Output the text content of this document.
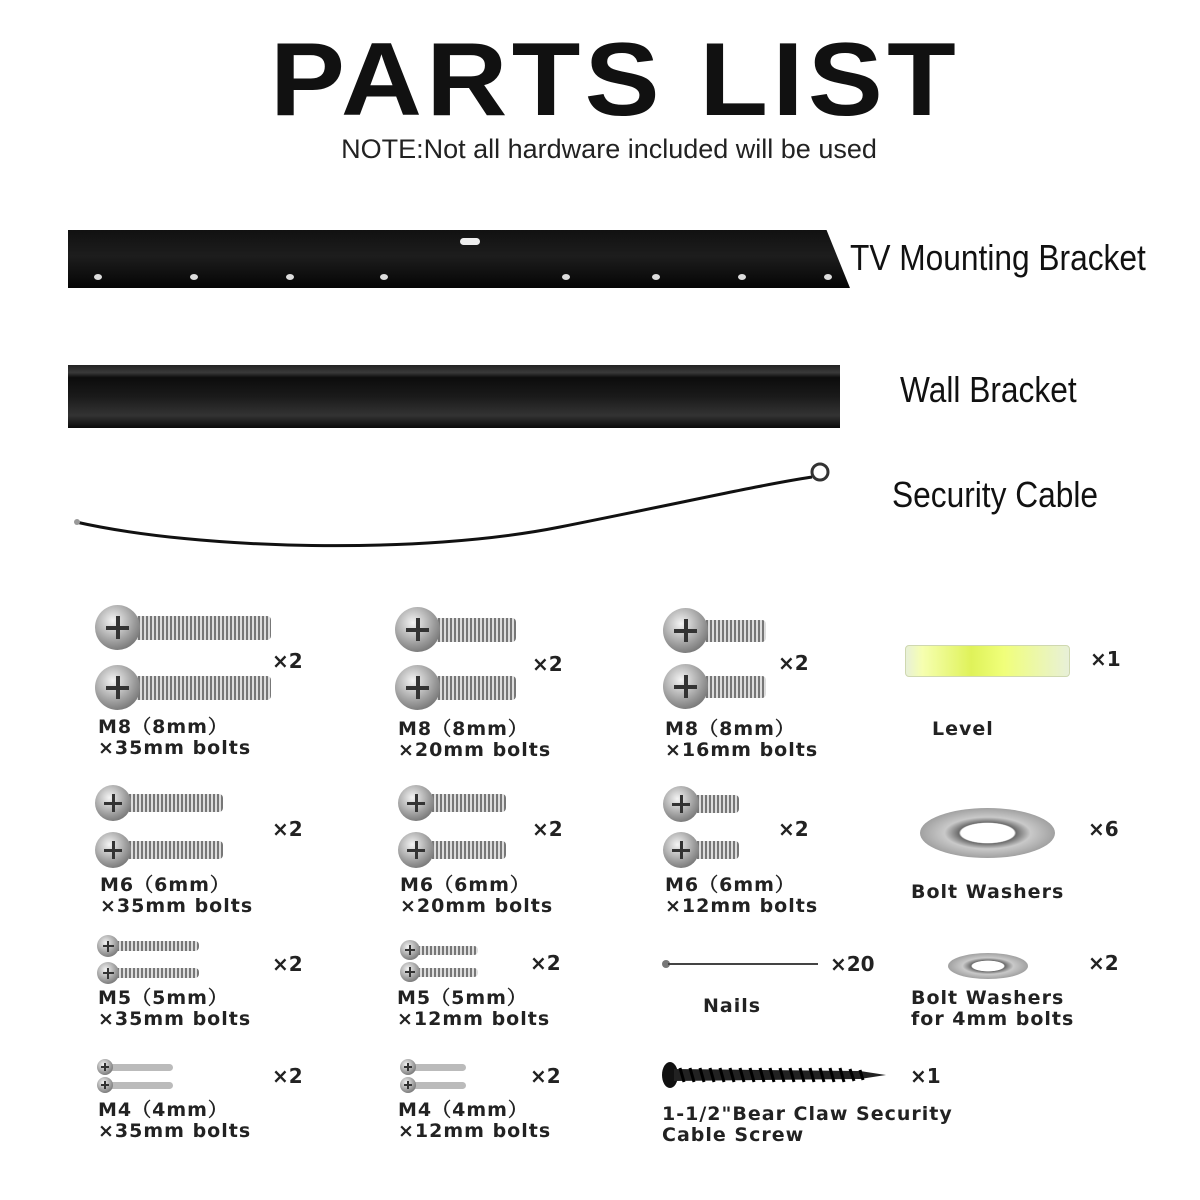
PARTS LIST
NOTE:Not all hardware included will be used
TV Mounting Bracket
Wall Bracket
Security Cable
×2
M8（8mm）
×35mm bolts
×2
M8（8mm）
×20mm bolts
×2
M8（8mm）
×16mm bolts
×1
Level
×2
M6（6mm）
×35mm bolts
×2
M6（6mm）
×20mm bolts
×2
M6（6mm）
×12mm bolts
×6
Bolt Washers
×2
M5（5mm）
×35mm bolts
×2
M5（5mm）
×12mm bolts
×20
Nails
×2
Bolt Washers
for 4mm bolts
×2
M4（4mm）
×35mm bolts
×2
M4（4mm）
×12mm bolts
×1
1-1/2"Bear Claw Security
Cable Screw
